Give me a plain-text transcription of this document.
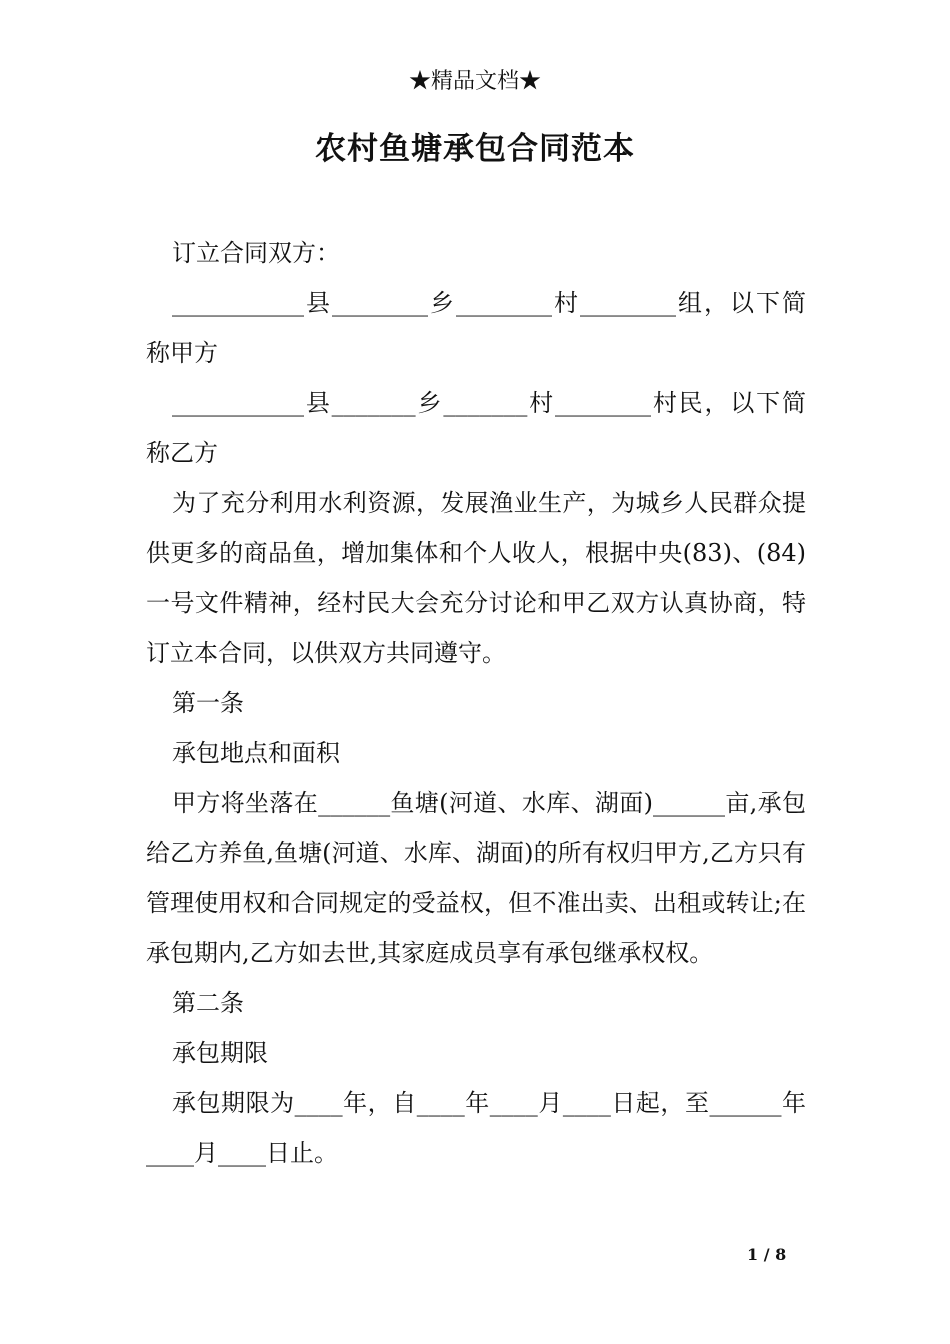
★精品文档★
农村鱼塘承包合同范本

订立合同双方：

___________县________乡________村________组，以下简称甲方

___________县_______乡_______村________村民，以下简称乙方

为了充分利用水利资源，发展渔业生产，为城乡人民群众提供更多的商品鱼，增加集体和个人收人，根据中央(83)、(84)一号文件精神，经村民大会充分讨论和甲乙双方认真协商，特订立本合同，以供双方共同遵守。

第一条

承包地点和面积

甲方将坐落在______鱼塘(河道、水库、湖面)______亩,承包给乙方养鱼,鱼塘(河道、水库、湖面)的所有权归甲方,乙方只有管理使用权和合同规定的受益权，但不准出卖、出租或转让;在承包期内,乙方如去世,其家庭成员享有承包继承权权。

第二条

承包期限

承包期限为____年，自____年____月____日起，至______年____月____日止。

1 / 8
